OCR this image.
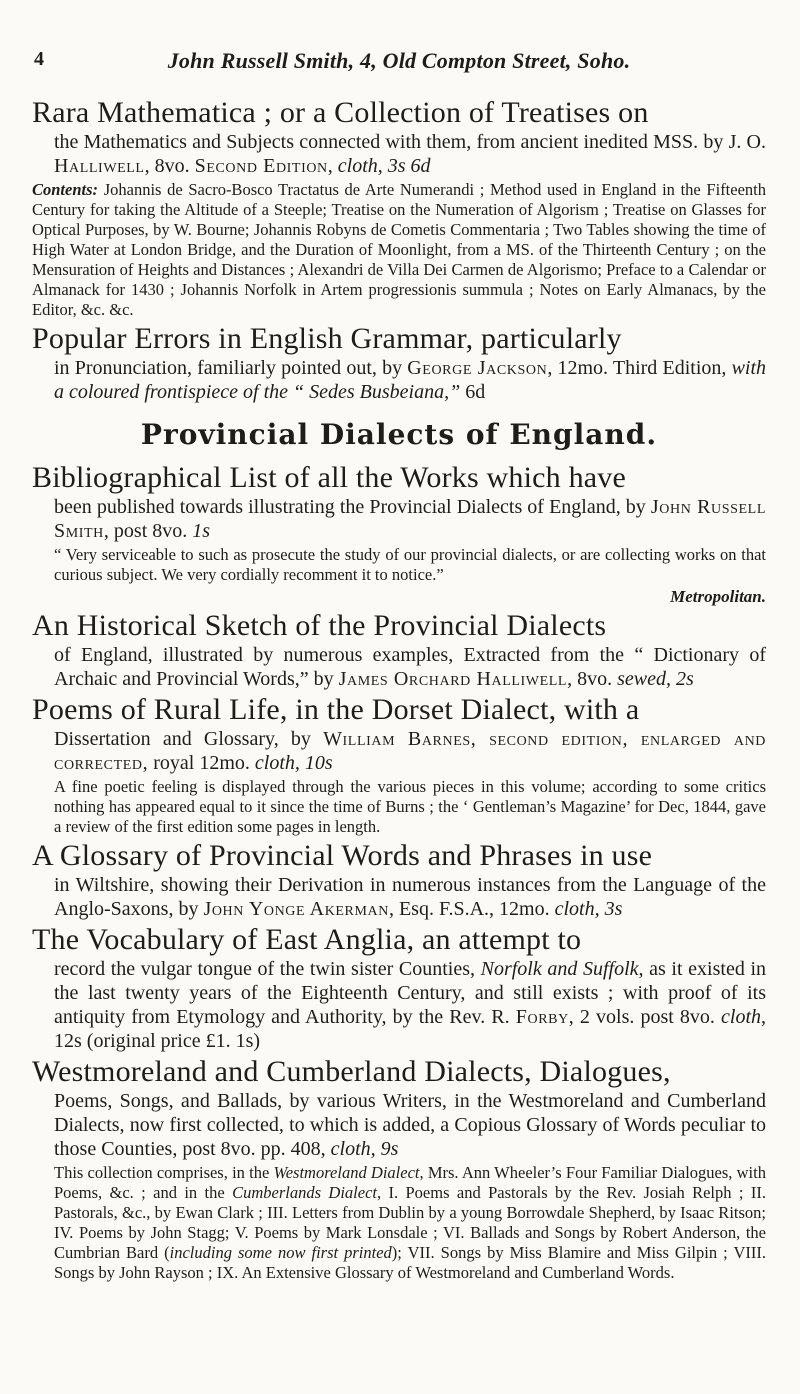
4	John Russell Smith, 4, Old Compton Street, Soho.
Rara Mathematica ; or a Collection of Treatises on

the Mathematics and Subjects connected with them, from ancient inedited MSS. by J. O. Halliwell, 8vo. Second Edition, cloth, 3s 6d

Contents: Johannis de Sacro-Bosco Tractatus de Arte Numerandi ; Method used in England in the Fifteenth Century for taking the Altitude of a Steeple; Treatise on the Numeration of Algorism ; Treatise on Glasses for Optical Purposes, by W. Bourne; Johannis Robyns de Cometis Commentaria ; Two Tables showing the time of High Water at London Bridge, and the Duration of Moonlight, from a MS. of the Thirteenth Century ; on the Mensuration of Heights and Distances ; Alexandri de Villa Dei Carmen de Algorismo; Preface to a Calendar or Almanack for 1430 ; Johannis Norfolk in Artem progressionis summula ; Notes on Early Almanacs, by the Editor, &c. &c.

Popular Errors in English Grammar, particularly

in Pronunciation, familiarly pointed out, by George Jackson, 12mo. Third Edition, with a coloured frontispiece of the “ Sedes Busbeiana,” 6d

Provincial Dialects of England.
Bibliographical List of all the Works which have

been published towards illustrating the Provincial Dialects of England, by John Russell Smith, post 8vo. 1s

“ Very serviceable to such as prosecute the study of our provincial dialects, or are collecting works on that curious subject. We very cordially recomment it to notice.”

Metropolitan.

An Historical Sketch of the Provincial Dialects

of England, illustrated by numerous examples, Extracted from the “ Dictionary of Archaic and Provincial Words,” by James Orchard Halliwell, 8vo. sewed, 2s

Poems of Rural Life, in the Dorset Dialect, with a

Dissertation and Glossary, by William Barnes, second edition, enlarged and corrected, royal 12mo. cloth, 10s

A fine poetic feeling is displayed through the various pieces in this volume; according to some critics nothing has appeared equal to it since the time of Burns ; the ‘ Gentleman’s Magazine’ for Dec, 1844, gave a review of the first edition some pages in length.

A Glossary of Provincial Words and Phrases in use

in Wiltshire, showing their Derivation in numerous instances from the Language of the Anglo-Saxons, by John Yonge Akerman, Esq. F.S.A., 12mo. cloth, 3s

The Vocabulary of East Anglia, an attempt to

record the vulgar tongue of the twin sister Counties, Norfolk and Suffolk, as it existed in the last twenty years of the Eighteenth Century, and still exists ; with proof of its antiquity from Etymology and Authority, by the Rev. R. Forby, 2 vols. post 8vo. cloth, 12s (original price £1. 1s)

Westmoreland and Cumberland Dialects, Dialogues,

Poems, Songs, and Ballads, by various Writers, in the Westmoreland and Cumberland Dialects, now first collected, to which is added, a Copious Glossary of Words peculiar to those Counties, post 8vo. pp. 408, cloth, 9s

This collection comprises, in the Westmoreland Dialect, Mrs. Ann Wheeler’s Four Familiar Dialogues, with Poems, &c. ; and in the Cumberlands Dialect, I. Poems and Pastorals by the Rev. Josiah Relph ; II. Pastorals, &c., by Ewan Clark ; III. Letters from Dublin by a young Borrowdale Shepherd, by Isaac Ritson; IV. Poems by John Stagg; V. Poems by Mark Lonsdale ; VI. Ballads and Songs by Robert Anderson, the Cumbrian Bard (including some now first printed); VII. Songs by Miss Blamire and Miss Gilpin ; VIII. Songs by John Rayson ; IX. An Extensive Glossary of Westmoreland and Cumberland Words.
